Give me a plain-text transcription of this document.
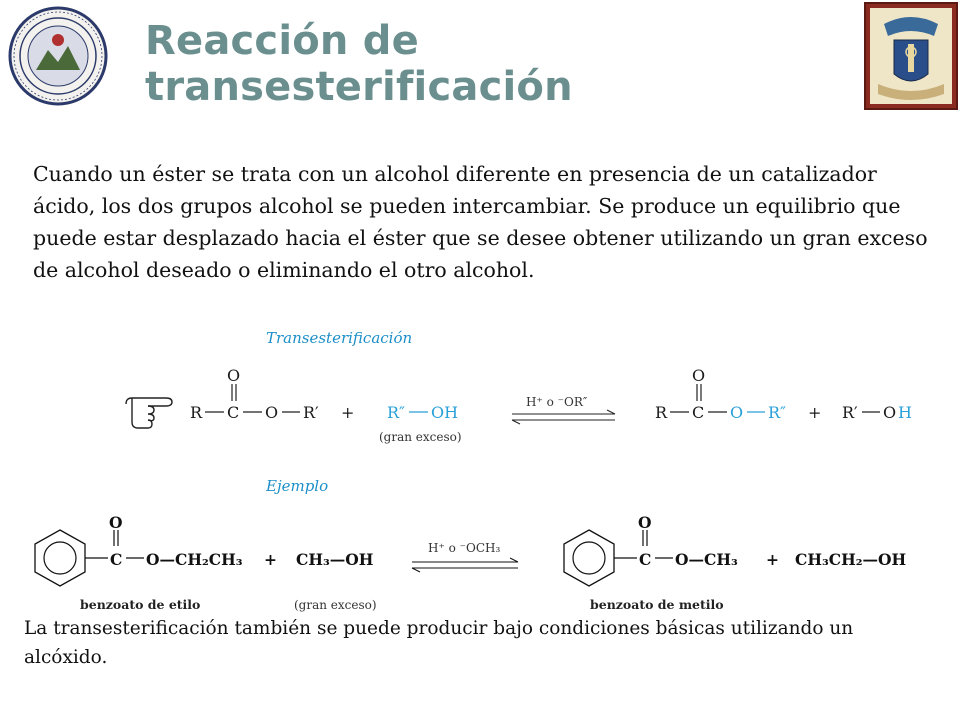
Reacción de transesterificación
Cuando un éster se trata con un alcohol diferente en presencia de un catalizador ácido, los dos grupos alcohol se pueden intercambiar. Se produce un equilibrio que puede estar desplazado hacia el éster que se desee obtener utilizando un gran exceso de alcohol deseado o eliminando el otro alcohol.
Transesterificación
Ejemplo
R C
O
O R′ + R″ OH
(gran exceso)
H⁺ o ⁻OR″
R C
O
O R″ + R′ O H
C
O
O—CH₂CH₃ + CH₃—OH
(gran exceso)
H⁺ o ⁻OCH₃
C
O
O—CH₃ + CH₃CH₂—OH
benzoato de etilo	benzoato de metilo
La transesterificación también se puede producir bajo condiciones básicas utilizando un alcóxido.
